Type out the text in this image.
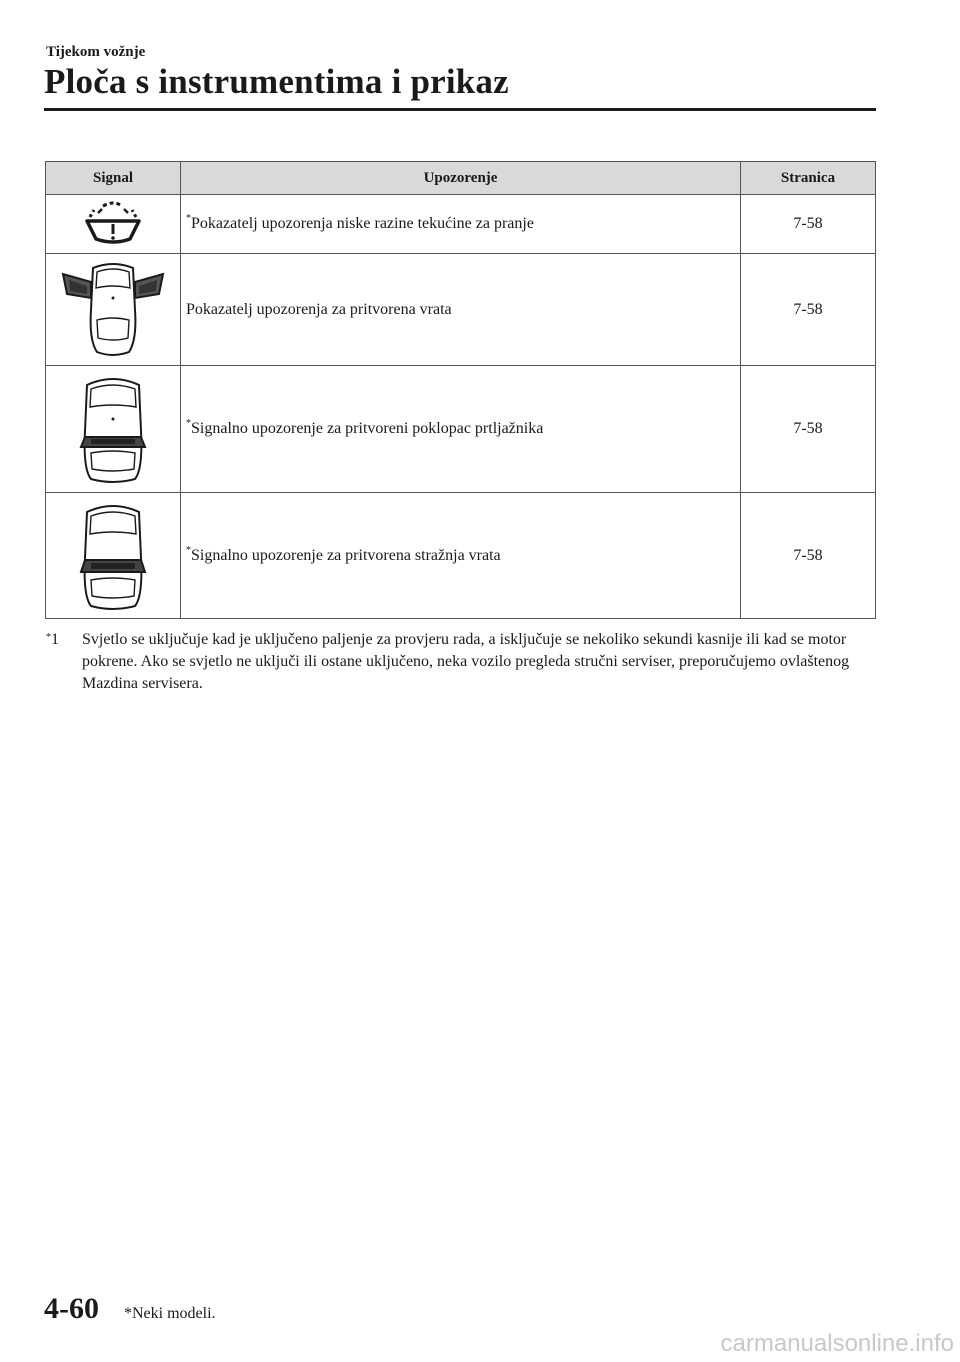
Tijekom vožnje
Ploča s instrumentima i prikaz
Signal	Upozorenje	Stranica

	*Pokazatelj upozorenja niske razine tekućine za pranje	7-58

	Pokazatelj upozorenja za pritvorena vrata	7-58

	*Signalno upozorenje za pritvoreni poklopac prtljažnika	7-58

	*Signalno upozorenje za pritvorena stražnja vrata	7-58
*1 Svjetlo se uključuje kad je uključeno paljenje za provjeru rada, a isključuje se nekoliko sekundi kasnije ili kad se motor pokrene. Ako se svjetlo ne uključi ili ostane uključeno, neka vozilo pregleda stručni serviser, preporučujemo ovlaštenog Mazdina servisera.
4-60 *Neki modeli.
carmanualsonline.info
